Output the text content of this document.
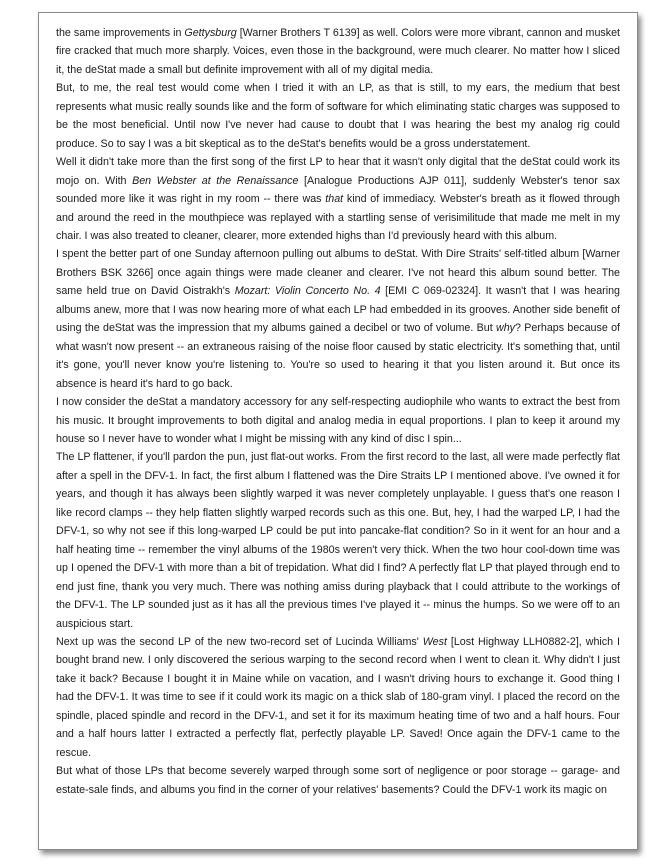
the same improvements in Gettysburg [Warner Brothers T 6139] as well. Colors were more vibrant, cannon and musket fire cracked that much more sharply. Voices, even those in the background, were much clearer. No matter how I sliced it, the deStat made a small but definite improvement with all of my digital media.

But, to me, the real test would come when I tried it with an LP, as that is still, to my ears, the medium that best represents what music really sounds like and the form of software for which eliminating static charges was supposed to be the most beneficial. Until now I've never had cause to doubt that I was hearing the best my analog rig could produce. So to say I was a bit skeptical as to the deStat's benefits would be a gross understatement.

Well it didn't take more than the first song of the first LP to hear that it wasn't only digital that the deStat could work its mojo on. With Ben Webster at the Renaissance [Analogue Productions AJP 011], suddenly Webster's tenor sax sounded more like it was right in my room -- there was that kind of immediacy. Webster's breath as it flowed through and around the reed in the mouthpiece was replayed with a startling sense of verisimilitude that made me melt in my chair. I was also treated to cleaner, clearer, more extended highs than I'd previously heard with this album.

I spent the better part of one Sunday afternoon pulling out albums to deStat. With Dire Straits' self-titled album [Warner Brothers BSK 3266] once again things were made cleaner and clearer. I've not heard this album sound better. The same held true on David Oistrakh's Mozart: Violin Concerto No. 4 [EMI C 069-02324]. It wasn't that I was hearing albums anew, more that I was now hearing more of what each LP had embedded in its grooves. Another side benefit of using the deStat was the impression that my albums gained a decibel or two of volume. But why? Perhaps because of what wasn't now present -- an extraneous raising of the noise floor caused by static electricity. It's something that, until it's gone, you'll never know you're listening to. You're so used to hearing it that you listen around it. But once its absence is heard it's hard to go back.

I now consider the deStat a mandatory accessory for any self-respecting audiophile who wants to extract the best from his music. It brought improvements to both digital and analog media in equal proportions. I plan to keep it around my house so I never have to wonder what I might be missing with any kind of disc I spin...

The LP flattener, if you'll pardon the pun, just flat-out works. From the first record to the last, all were made perfectly flat after a spell in the DFV-1. In fact, the first album I flattened was the Dire Straits LP I mentioned above. I've owned it for years, and though it has always been slightly warped it was never completely unplayable. I guess that's one reason I like record clamps -- they help flatten slightly warped records such as this one. But, hey, I had the warped LP, I had the DFV-1, so why not see if this long-warped LP could be put into pancake-flat condition? So in it went for an hour and a half heating time -- remember the vinyl albums of the 1980s weren't very thick. When the two hour cool-down time was up I opened the DFV-1 with more than a bit of trepidation. What did I find? A perfectly flat LP that played through end to end just fine, thank you very much. There was nothing amiss during playback that I could attribute to the workings of the DFV-1. The LP sounded just as it has all the previous times I've played it -- minus the humps. So we were off to an auspicious start.

Next up was the second LP of the new two-record set of Lucinda Williams' West [Lost Highway LLH0882-2], which I bought brand new. I only discovered the serious warping to the second record when I went to clean it. Why didn't I just take it back? Because I bought it in Maine while on vacation, and I wasn't driving hours to exchange it. Good thing I had the DFV-1. It was time to see if it could work its magic on a thick slab of 180-gram vinyl. I placed the record on the spindle, placed spindle and record in the DFV-1, and set it for its maximum heating time of two and a half hours. Four and a half hours latter I extracted a perfectly flat, perfectly playable LP. Saved! Once again the DFV-1 came to the rescue.

But what of those LPs that become severely warped through some sort of negligence or poor storage -- garage- and estate-sale finds, and albums you find in the corner of your relatives' basements? Could the DFV-1 work its magic on
